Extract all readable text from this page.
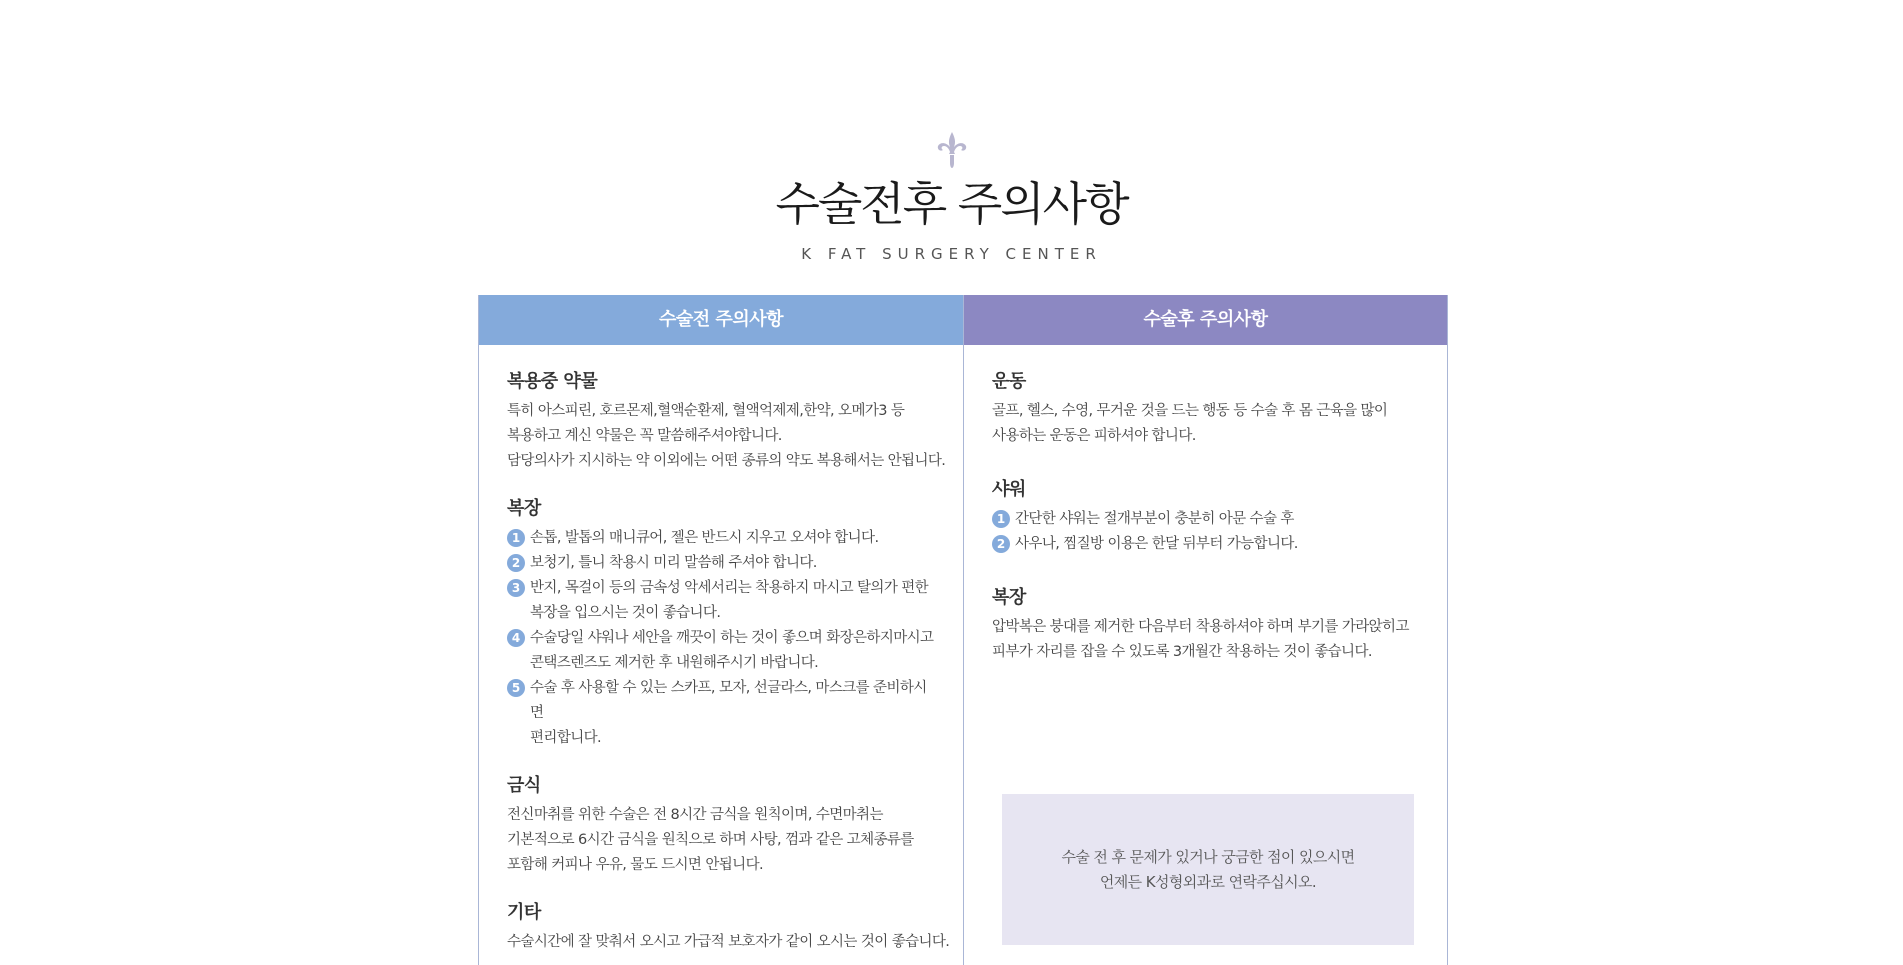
수술전후 주의사항
K FAT SURGERY CENTER
수술전 주의사항
복용중 약물
특히 아스피린, 호르몬제,혈액순환제, 혈액억제제,한약, 오메가3 등
복용하고 계신 약물은 꼭 말씀해주셔야합니다.
담당의사가 지시하는 약 이외에는 어떤 종류의 약도 복용해서는 안됩니다.
복장
1 손톱, 발톱의 매니큐어, 젤은 반드시 지우고 오셔야 합니다.
2 보청기, 틀니 착용시 미리 말씀해 주셔야 합니다.
3 반지, 목걸이 등의 금속성 악세서리는 착용하지 마시고 탈의가 편한
복장을 입으시는 것이 좋습니다.
4 수술당일 샤워나 세안을 깨끗이 하는 것이 좋으며 화장은하지마시고
콘택즈렌즈도 제거한 후 내원해주시기 바랍니다.
5 수술 후 사용할 수 있는 스카프, 모자, 선글라스, 마스크를 준비하시면
편리합니다.
금식
전신마취를 위한 수술은 전 8시간 금식을 원칙이며, 수면마취는
기본적으로 6시간 금식을 원칙으로 하며 사탕, 껌과 같은 고체종류를
포함해 커피나 우유, 물도 드시면 안됩니다.
기타
수술시간에 잘 맞춰서 오시고 가급적 보호자가 같이 오시는 것이 좋습니다.
수술후 주의사항
운동
골프, 헬스, 수영, 무거운 것을 드는 행동 등 수술 후 몸 근육을 많이
사용하는 운동은 피하셔야 합니다.
샤워
1 간단한 샤워는 절개부분이 충분히 아문 수술 후
2 사우나, 찜질방 이용은 한달 뒤부터 가능합니다.
복장
압박복은 붕대를 제거한 다음부터 착용하셔야 하며 부기를 가라앉히고
피부가 자리를 잡을 수 있도록 3개월간 착용하는 것이 좋습니다.
수술 전 후 문제가 있거나 궁금한 점이 있으시면
언제든 K성형외과로 연락주십시오.
